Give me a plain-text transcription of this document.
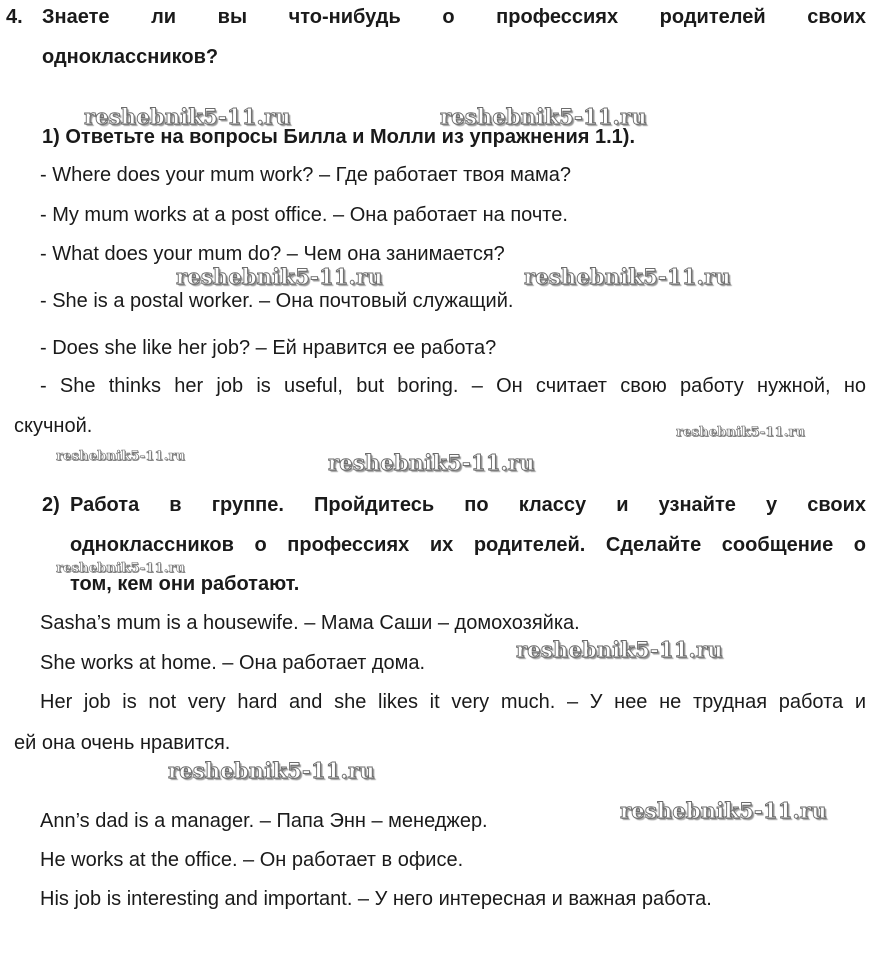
4. Знаете ли вы что-нибудь о профессиях родителей своих
одноклассников?
1) Ответьте на вопросы Билла и Молли из упражнения 1.1).
- Where does your mum work? – Где работает твоя мама?
- My mum works at a post office. – Она работает на почте.
- What does your mum do? – Чем она занимается?
- She is a postal worker. – Она почтовый служащий.
- Does she like her job? – Ей нравится ее работа?
- She thinks her job is useful, but boring. – Он считает свою работу нужной, но
скучной.
2) Работа в группе. Пройдитесь по классу и узнайте у своих
одноклассников о профессиях их родителей. Сделайте сообщение о
том, кем они работают.
Sasha’s mum is a housewife. – Мама Саши – домохозяйка.
She works at home. – Она работает дома.
Her job is not very hard and she likes it very much. – У нее не трудная работа и
ей она очень нравится.
Ann’s dad is a manager. – Папа Энн – менеджер.
He works at the office. – Он работает в офисе.
His job is interesting and important. – У него интересная и важная работа.
reshebnik5-11.ru	reshebnik5-11.ru
reshebnik5-11.ru	reshebnik5-11.ru
reshebnik5-11.ru
reshebnik5-11.ru	reshebnik5-11.ru
reshebnik5-11.ru
reshebnik5-11.ru
reshebnik5-11.ru
reshebnik5-11.ru
